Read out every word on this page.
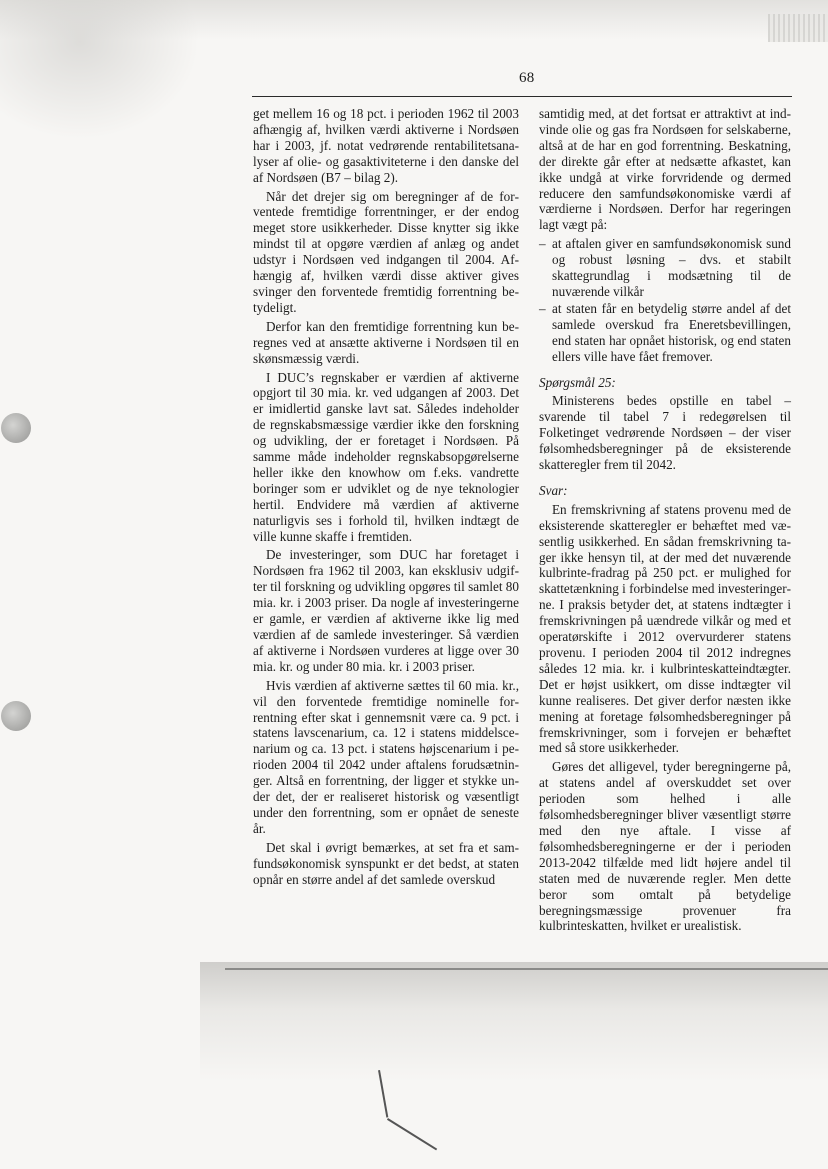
68

get mellem 16 og 18 pct. i perioden 1962 til 2003 afhængig af, hvilken værdi aktiverne i Nordsøen har i 2003, jf. notat vedrørende rentabilitetsanalyser af olie- og gasaktiviteterne i den danske del af Nordsøen (B7 – bilag 2).

Når det drejer sig om beregninger af de forventede fremtidige forrentninger, er der endog meget store usikkerheder. Disse knytter sig ikke mindst til at opgøre værdien af anlæg og andet udstyr i Nordsøen ved indgangen til 2004. Afhængig af, hvilken værdi disse aktiver gives svinger den forventede fremtidig forrentning betydeligt.

Derfor kan den fremtidige forrentning kun beregnes ved at ansætte aktiverne i Nordsøen til en skønsmæssig værdi.

I DUC’s regnskaber er værdien af aktiverne opgjort til 30 mia. kr. ved udgangen af 2003. Det er imidlertid ganske lavt sat. Således indeholder de regnskabsmæssige værdier ikke den forskning og udvikling, der er foretaget i Nordsøen. På samme måde indeholder regnskabsopgørelserne heller ikke den knowhow om f.eks. vandrette boringer som er udviklet og de nye teknologier hertil. Endvidere må værdien af aktiverne naturligvis ses i forhold til, hvilken indtægt de ville kunne skaffe i fremtiden.

De investeringer, som DUC har foretaget i Nordsøen fra 1962 til 2003, kan eksklusiv udgifter til forskning og udvikling opgøres til samlet 80 mia. kr. i 2003 priser. Da nogle af investeringerne er gamle, er værdien af aktiverne ikke lig med værdien af de samlede investeringer. Så værdien af aktiverne i Nordsøen vurderes at ligge over 30 mia. kr. og under 80 mia. kr. i 2003 priser.

Hvis værdien af aktiverne sættes til 60 mia. kr., vil den forventede fremtidige nominelle forrentning efter skat i gennemsnit være ca. 9 pct. i statens lavscenarium, ca. 12 i statens middelscenarium og ca. 13 pct. i statens højscenarium i perioden 2004 til 2042 under aftalens forudsætninger. Altså en forrentning, der ligger et stykke under det, der er realiseret historisk og væsentligt under den forrentning, som er opnået de seneste år.

Det skal i øvrigt bemærkes, at set fra et samfundsøkonomisk synspunkt er det bedst, at staten opnår en større andel af det samlede overskud

samtidig med, at det fortsat er attraktivt at indvinde olie og gas fra Nordsøen for selskaberne, altså at de har en god forrentning. Beskatning, der direkte går efter at nedsætte afkastet, kan ikke undgå at virke forvridende og dermed reducere den samfundsøkonomiske værdi af værdierne i Nordsøen. Derfor har regeringen lagt vægt på:

– at aftalen giver en samfundsøkonomisk sund og robust løsning – dvs. et stabilt skattegrundlag i modsætning til de nuværende vilkår
– at staten får en betydelig større andel af det samlede overskud fra Eneretsbevillingen, end staten har opnået historisk, og end staten ellers ville have fået fremover.
Spørgsmål 25:

Ministerens bedes opstille en tabel – svarende til tabel 7 i redegørelsen til Folketinget vedrørende Nordsøen – der viser følsomhedsberegninger på de eksisterende skatteregler frem til 2042.

Svar:

En fremskrivning af statens provenu med de eksisterende skatteregler er behæftet med væsentlig usikkerhed. En sådan fremskrivning tager ikke hensyn til, at der med det nuværende kulbrinte-fradrag på 250 pct. er mulighed for skattetænkning i forbindelse med investeringerne. I praksis betyder det, at statens indtægter i fremskrivningen på uændrede vilkår og med et operatørskifte i 2012 overvurderer statens provenu. I perioden 2004 til 2012 indregnes således 12 mia. kr. i kulbrinteskatteindtægter. Det er højst usikkert, om disse indtægter vil kunne realiseres. Det giver derfor næsten ikke mening at foretage følsomhedsberegninger på fremskrivninger, som i forvejen er behæftet med så store usikkerheder.

Gøres det alligevel, tyder beregningerne på, at statens andel af overskuddet set over perioden som helhed i alle følsomhedsberegninger bliver væsentligt større med den nye aftale. I visse af følsomhedsberegningerne er der i perioden 2013-2042 tilfælde med lidt højere andel til staten med de nuværende regler. Men dette beror som omtalt på betydelige beregningsmæssige provenuer fra kulbrinteskatten, hvilket er urealistisk.
